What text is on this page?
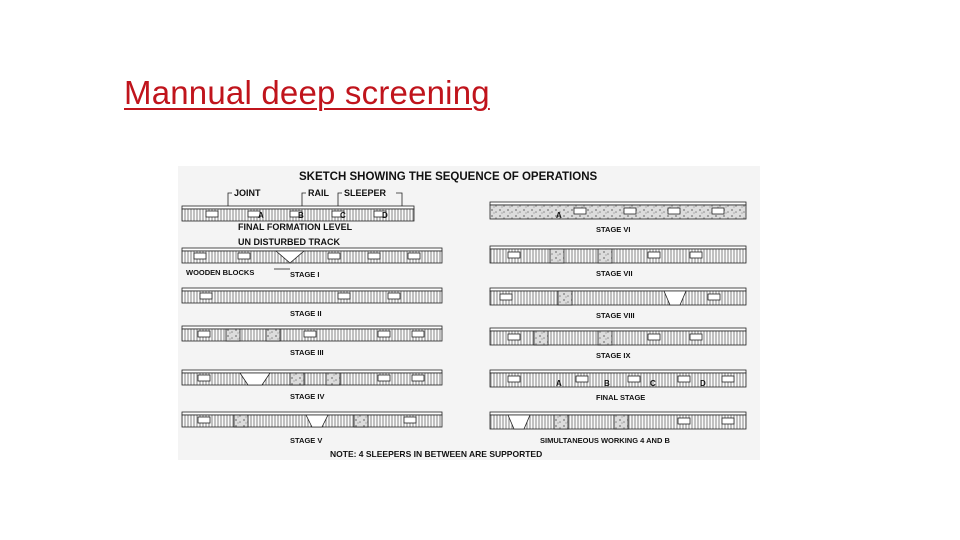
Mannual deep screening
SKETCH SHOWING THE SEQUENCE OF OPERATIONS
JOINT	RAIL SLEEPER
FINAL FORMATION LEVEL
UN DISTURBED TRACK
WOODEN BLOCKS
A	B	C	D
STAGE I
STAGE II
STAGE III
STAGE IV
STAGE V
A
STAGE VI
STAGE VII
STAGE VIII
STAGE IX
A	B	C	D
FINAL STAGE
SIMULTANEOUS WORKING 4 AND B
NOTE: 4 SLEEPERS IN BETWEEN ARE SUPPORTED
